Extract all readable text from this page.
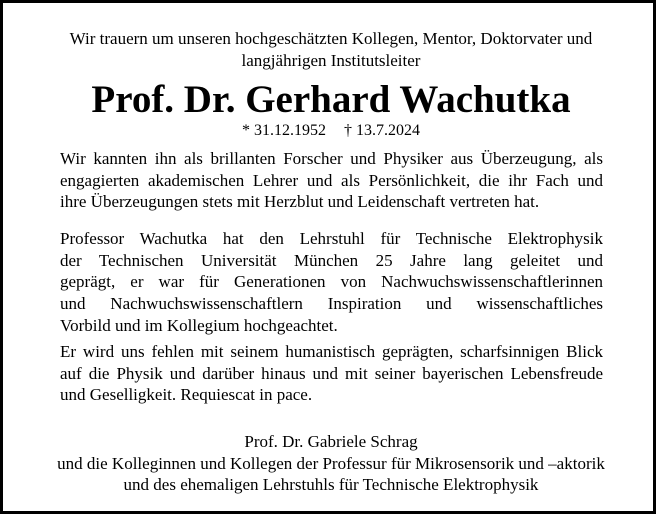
Wir trauern um unseren hochgeschätzten Kollegen, Mentor, Doktorvater und
langjährigen Institutsleiter

Prof. Dr. Gerhard Wachutka

* 31.12.1952 † 13.7.2024

Wir kannten ihn als brillanten Forscher und Physiker aus Überzeugung, als
engagierten akademischen Lehrer und als Persönlichkeit, die ihr Fach und
ihre Überzeugungen stets mit Herzblut und Leidenschaft vertreten hat.

Professor Wachutka hat den Lehrstuhl für Technische Elektrophysik
der Technischen Universität München 25 Jahre lang geleitet und
geprägt, er war für Generationen von Nachwuchswissenschaftlerinnen
und Nachwuchswissenschaftlern Inspiration und wissenschaftliches
Vorbild und im Kollegium hochgeachtet.

Er wird uns fehlen mit seinem humanistisch geprägten, scharfsinnigen Blick
auf die Physik und darüber hinaus und mit seiner bayerischen Lebensfreude
und Geselligkeit. Requiescat in pace.

Prof. Dr. Gabriele Schrag
und die Kolleginnen und Kollegen der Professur für Mikrosensorik und –aktorik
und des ehemaligen Lehrstuhls für Technische Elektrophysik
